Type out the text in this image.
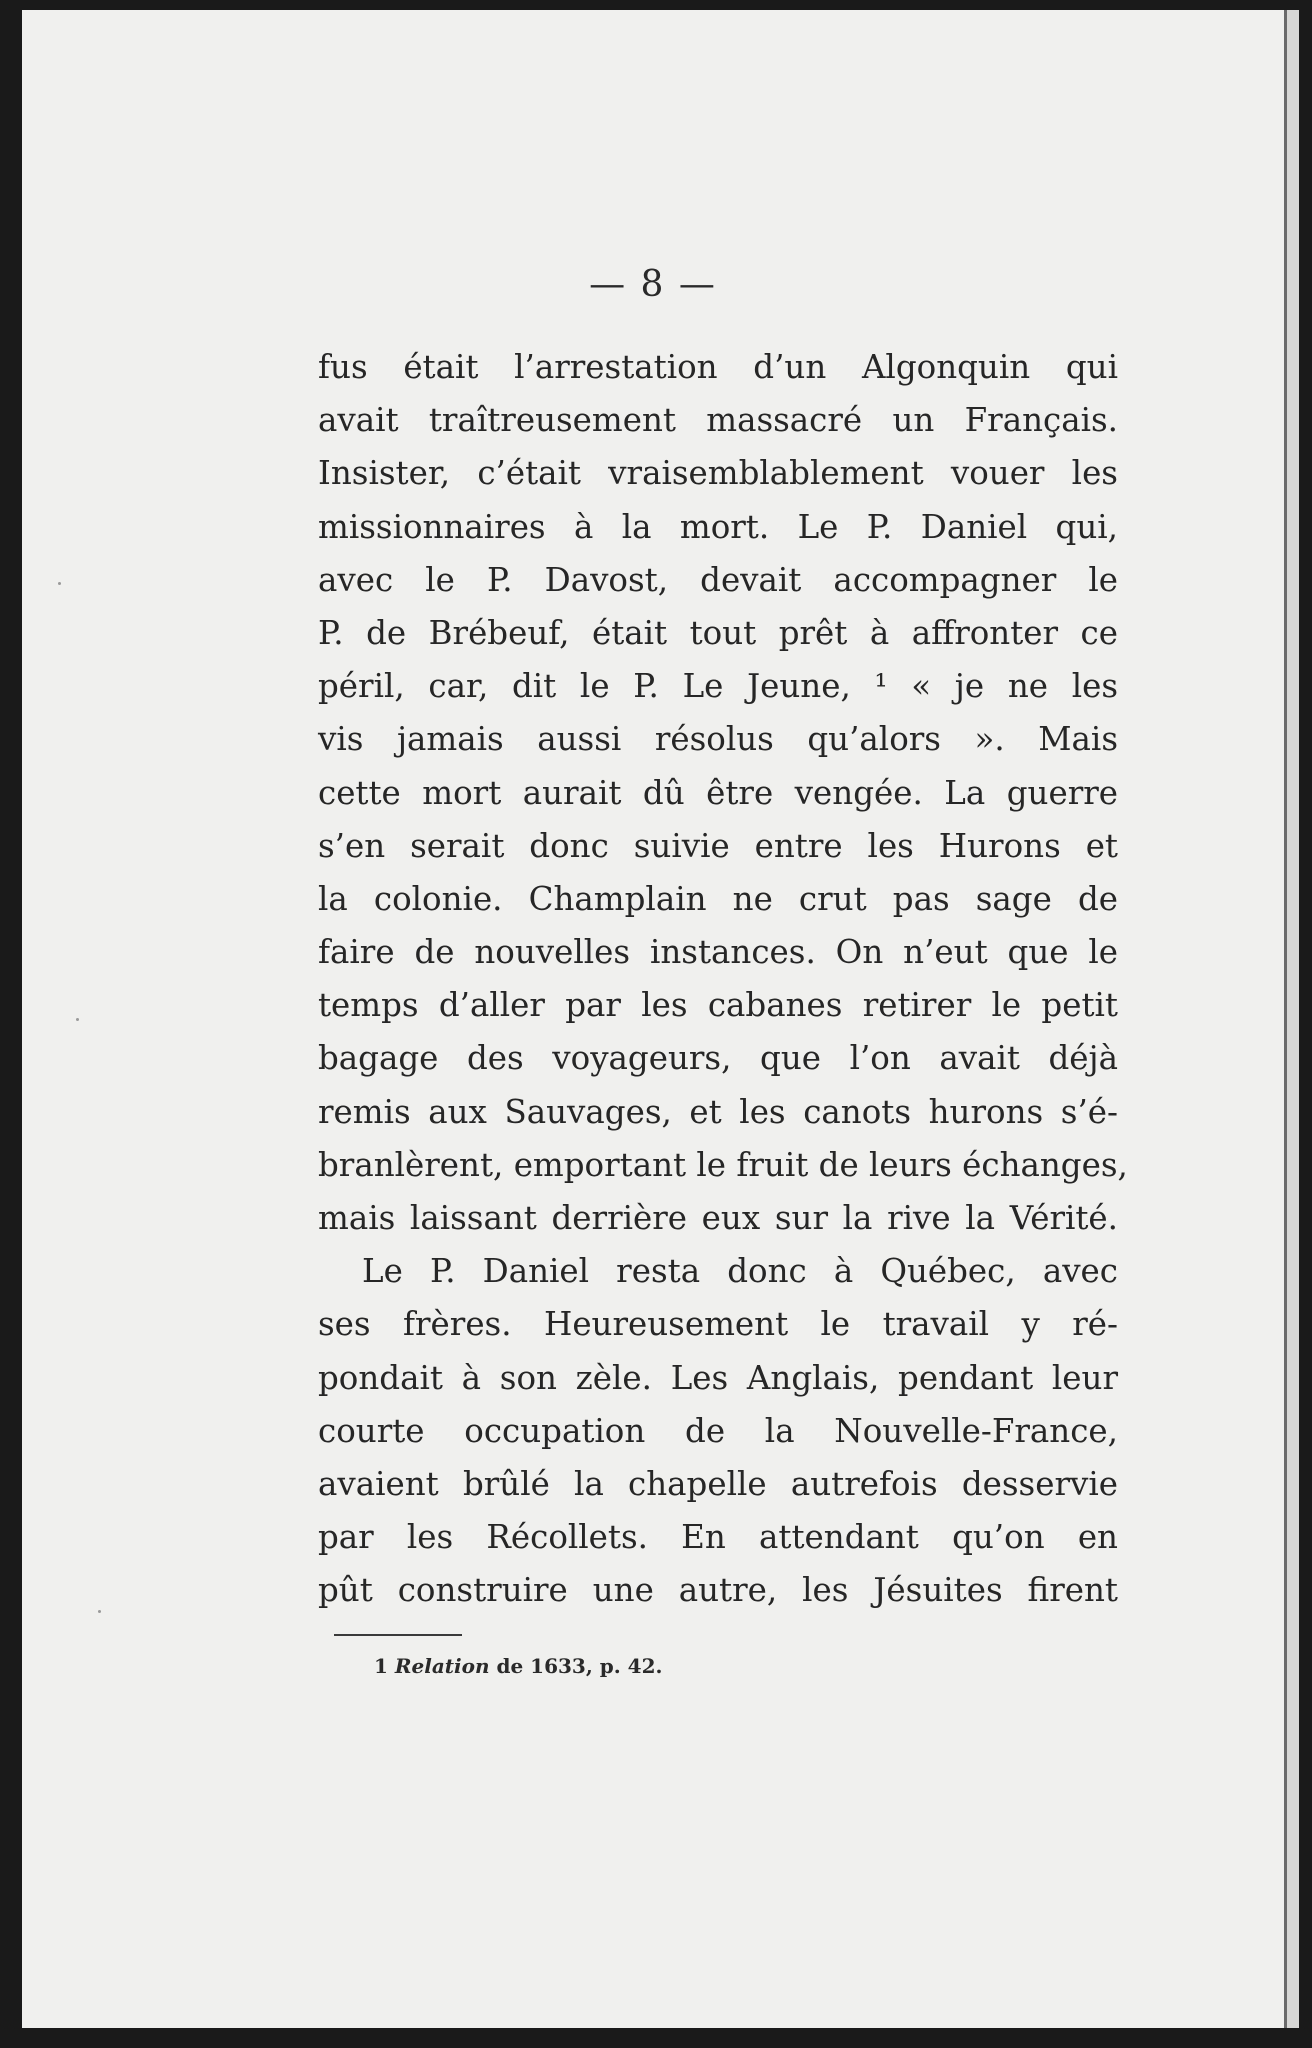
— 8 —
fus était l’arrestation d’un Algonquin qui
avait traîtreusement massacré un Français.
Insister, c’était vraisemblablement vouer les
missionnaires à la mort. Le P. Daniel qui,
avec le P. Davost, devait accompagner le
P. de Brébeuf, était tout prêt à affronter ce
péril, car, dit le P. Le Jeune, ¹ « je ne les
vis jamais aussi résolus qu’alors ». Mais
cette mort aurait dû être vengée. La guerre
s’en serait donc suivie entre les Hurons et
la colonie. Champlain ne crut pas sage de
faire de nouvelles instances. On n’eut que le
temps d’aller par les cabanes retirer le petit
bagage des voyageurs, que l’on avait déjà
remis aux Sauvages, et les canots hurons s’é-
branlèrent, emportant le fruit de leurs échanges,
mais laissant derrière eux sur la rive la Vérité.
Le P. Daniel resta donc à Québec, avec
ses frères. Heureusement le travail y ré-
pondait à son zèle. Les Anglais, pendant leur
courte occupation de la Nouvelle-France,
avaient brûlé la chapelle autrefois desservie
par les Récollets. En attendant qu’on en
pût construire une autre, les Jésuites firent
1 Relation de 1633, p. 42.
